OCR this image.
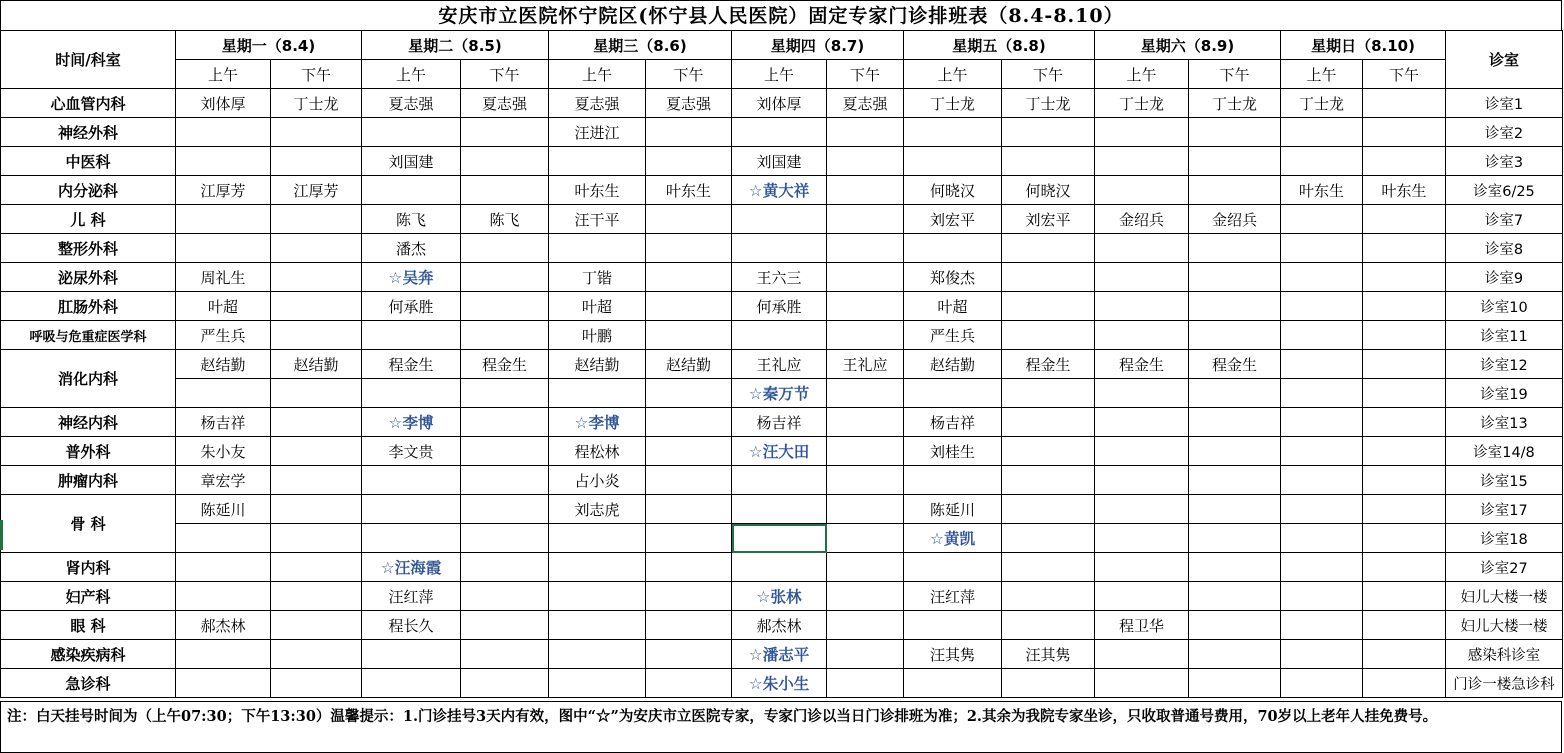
安庆市立医院怀宁院区(怀宁县人民医院）固定专家门诊排班表（8.4-8.10）
时间/科室	星期一（8.4)		星期二（8.5)		星期三（8.6)		星期四（8.7)		星期五（8.8)		星期六（8.9)		星期日（8.10)		诊室
	上午	下午	上午	下午	上午	下午	上午	下午	上午	下午	上午	下午	上午	下午	
心血管内科	刘体厚	丁士龙	夏志强	夏志强	夏志强	夏志强	刘体厚	夏志强	丁士龙	丁士龙	丁士龙	丁士龙	丁士龙		诊室1
神经外科					汪进江										诊室2
中医科			刘国建				刘国建								诊室3
内分泌科	江厚芳	江厚芳			叶东生	叶东生	☆黄大祥		何晓汉	何晓汉			叶东生	叶东生	诊室6/25
儿 科			陈飞	陈飞	汪干平				刘宏平	刘宏平	金绍兵	金绍兵			诊室7
整形外科			潘杰												诊室8
泌尿外科	周礼生		☆吴奔		丁锴		王六三		郑俊杰						诊室9
肛肠外科	叶超		何承胜		叶超		何承胜		叶超						诊室10
呼吸与危重症医学科	严生兵				叶鹏				严生兵						诊室11
消化内科	赵结勤	赵结勤	程金生	程金生	赵结勤	赵结勤	王礼应	王礼应	赵结勤	程金生	程金生	程金生			诊室12
							☆秦万节								诊室19
神经内科	杨吉祥		☆李博		☆李博		杨吉祥		杨吉祥						诊室13
普外科	朱小友		李文贵		程松林		☆汪大田		刘桂生						诊室14/8
肿瘤内科	章宏学				占小炎										诊室15
骨 科	陈延川				刘志虎				陈延川						诊室17
									☆黄凯						诊室18
肾内科			☆汪海霞												诊室27
妇产科			汪红萍				☆张林		汪红萍						妇儿大楼一楼
眼 科	郝杰林		程长久				郝杰林				程卫华				妇儿大楼一楼
感染疾病科							☆潘志平		汪其隽	汪其隽					感染科诊室
急诊科							☆朱小生								门诊一楼急诊科
注：白天挂号时间为（上午07:30；下午13:30）温馨提示：1.门诊挂号3天内有效，图中“☆”为安庆市立医院专家，专家门诊以当日门诊排班为准；2.其余为我院专家坐诊，只收取普通号费用，70岁以上老年人挂免费号。
